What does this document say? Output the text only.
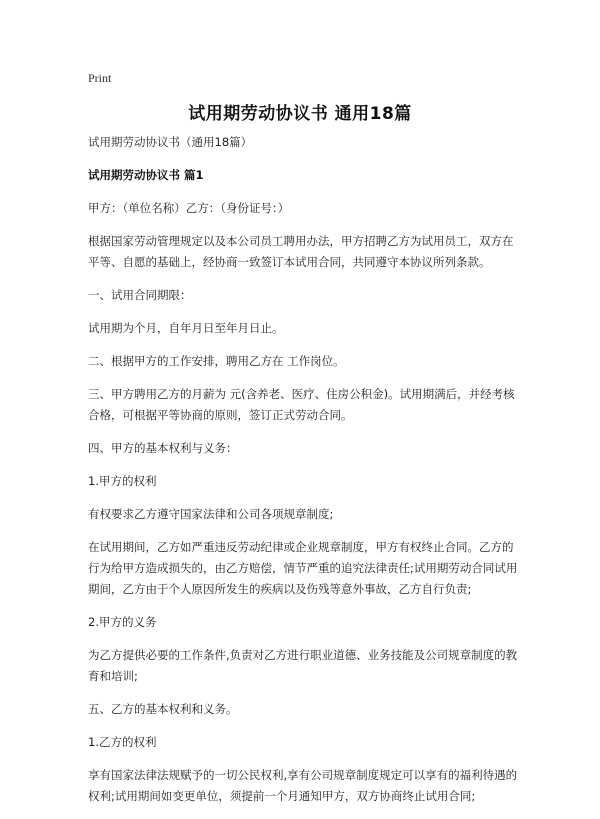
Print
试用期劳动协议书 通用18篇

试用期劳动协议书（通用18篇）

试用期劳动协议书 篇1

甲方：（单位名称）乙方：（身份证号：）

根据国家劳动管理规定以及本公司员工聘用办法，甲方招聘乙方为试用员工，双方在平等、自愿的基础上，经协商一致签订本试用合同，共同遵守本协议所列条款。

一、试用合同期限：

试用期为个月，自年月日至年月日止。

二、根据甲方的工作安排，聘用乙方在 工作岗位。

三、甲方聘用乙方的月薪为 元(含养老、医疗、住房公积金)。试用期满后，并经考核合格，可根据平等协商的原则，签订正式劳动合同。

四、甲方的基本权利与义务：

1.甲方的权利

有权要求乙方遵守国家法律和公司各项规章制度;

在试用期间，乙方如严重违反劳动纪律或企业规章制度，甲方有权终止合同。乙方的行为给甲方造成损失的，由乙方赔偿，情节严重的追究法律责任;试用期劳动合同试用期间，乙方由于个人原因所发生的疾病以及伤残等意外事故，乙方自行负责;

2.甲方的义务

为乙方提供必要的工作条件,负责对乙方进行职业道德、业务技能及公司规章制度的教育和培训;

五、乙方的基本权利和义务。

1.乙方的权利

享有国家法律法规赋予的一切公民权利,享有公司规章制度规定可以享有的福利待遇的权利;试用期间如变更单位，须提前一个月通知甲方，双方协商终止试用合同;
